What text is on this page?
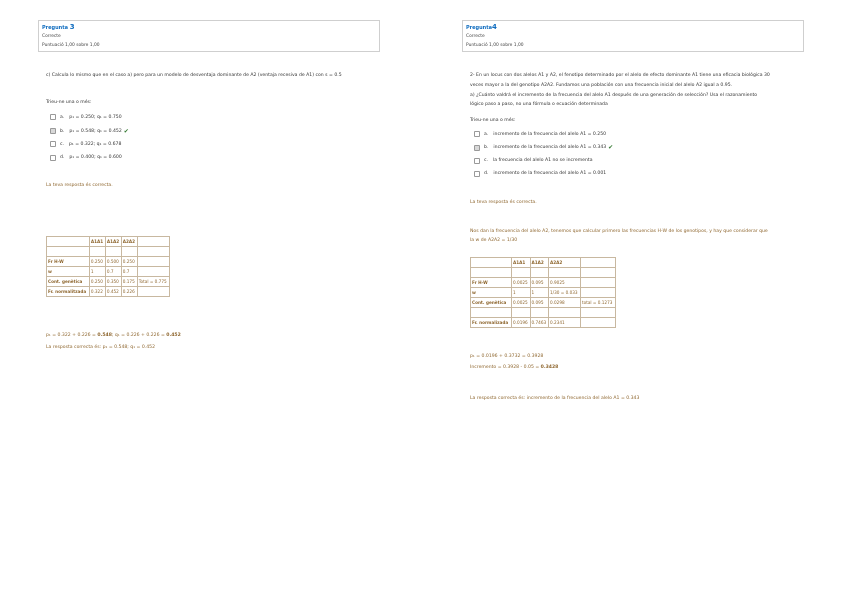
Pregunta 3
Correcte
Puntuació 1,00 sobre 1,00
c) Calcula lo mismo que en el caso a) pero para un modelo de desventaja dominante de A2 (ventaja recesiva de A1) con s = 0.5
Trieu-ne una o més:
a. p₁ = 0.250; q₁ = 0.750
b. p₁ = 0.548; q₁ = 0.452 ✔
c. p₁ = 0.322; q₁ = 0.678
d. p₁ = 0.400; q₁ = 0.600
La teva resposta és correcta.
	A1A1	A1A2	A2A2	

Fr H-W	0.250	0.500	0.250	
w	1	0.7	0.7	
Cont. genètica	0.250	0.350	0.175	Total = 0.775
Fr. normalitzada	0.322	0.452	0.226	
p₁ = 0.322 + 0.226 = 0.548; q₁ = 0.226 + 0.226 = 0.452
La resposta correcta és: p₁ = 0.548; q₁ = 0.452
Pregunta4
Correcte
Puntuació 1,00 sobre 1,00
2- En un locus con dos alelos A1 y A2, el fenotipo determinado por el alelo de efecto dominante A1 tiene una eficacia biológica 30
veces mayor a la del genotipo A2A2. Fundamos una población con una frecuencia inicial del alelo A2 igual a 0.95.
a) ¿Cuánto valdrá el incremento de la frecuencia del alelo A1 después de una generación de selección? Usa el razonamiento
lógico paso a paso, no una fórmula o ecuación determinada
Trieu-ne una o més:
a. incremento de la frecuencia del alelo A1 = 0.250
b. incremento de la frecuencia del alelo A1 = 0.343 ✔
c. la frecuencia del alelo A1 no se incrementa
d. incremento de la frecuencia del alelo A1 = 0.001
La teva resposta és correcta.
Nos dan la frecuencia del alelo A2, tenemos que calcular primero las frecuencias H-W de los genotipos, y hay que considerar que
la w de A2A2 = 1/30
	A1A1	A1A2	A2A2	

Fr H-W	0.0025	0.095	0.9025	
w	1	1	1/30 = 0.033	
Cont. genètica	0.0025	0.095	0.0298	total = 0.1273

Fr. normalizada	0.0196	0.7463	0.2341	
p₁ = 0.0196 + 0.3732 = 0.3928
Incremento = 0.3928 - 0.05 = 0.3428
La resposta correcta és: incremento de la frecuencia del alelo A1 = 0.343
